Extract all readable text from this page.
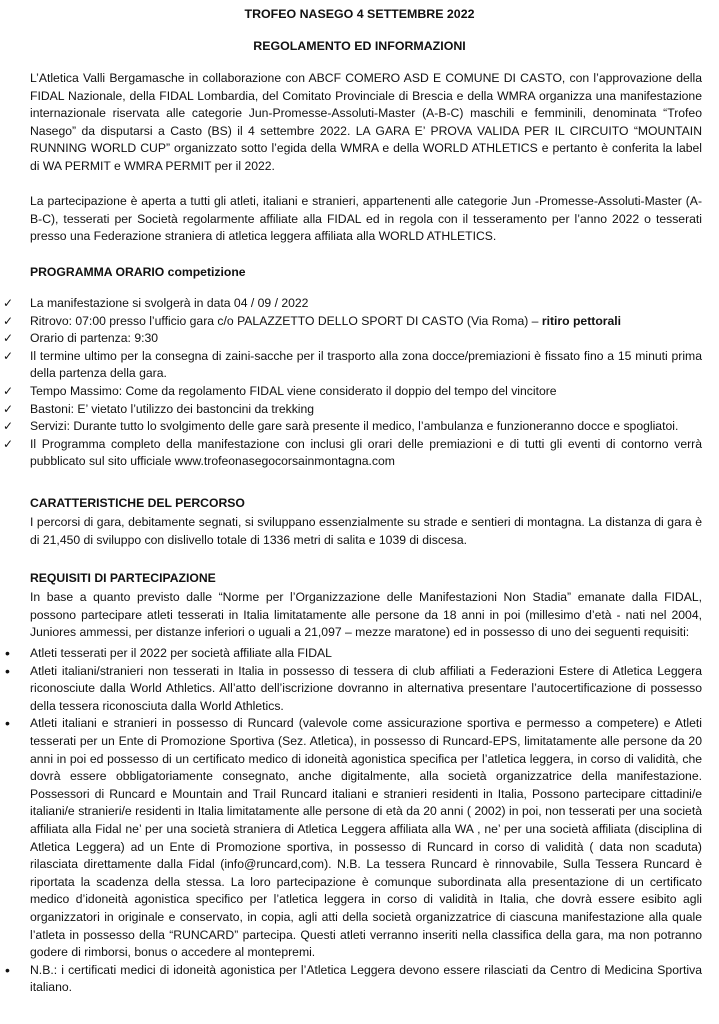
TROFEO NASEGO 4 SETTEMBRE 2022
REGOLAMENTO ED INFORMAZIONI
L’Atletica Valli Bergamasche in collaborazione con ABCF COMERO ASD E COMUNE DI CASTO, con l’approvazione della FIDAL Nazionale, della FIDAL Lombardia, del Comitato Provinciale di Brescia e della WMRA organizza una manifestazione internazionale riservata alle categorie Jun-Promesse-Assoluti-Master (A-B-C) maschili e femminili, denominata “Trofeo Nasego” da disputarsi a Casto (BS) il 4 settembre 2022. LA GARA E’ PROVA VALIDA PER IL CIRCUITO “MOUNTAIN RUNNING WORLD CUP” organizzato sotto l’egida della WMRA e della WORLD ATHLETICS e pertanto è conferita la label di WA PERMIT e WMRA PERMIT per il 2022.
La partecipazione è aperta a tutti gli atleti, italiani e stranieri, appartenenti alle categorie Jun -Promesse-Assoluti-Master (A-B-C), tesserati per Società regolarmente affiliate alla FIDAL ed in regola con il tesseramento per l’anno 2022 o tesserati presso una Federazione straniera di atletica leggera affiliata alla WORLD ATHLETICS.
PROGRAMMA ORARIO competizione
✓	La manifestazione si svolgerà in data 04 / 09 / 2022
✓	Ritrovo: 07:00 presso l’ufficio gara c/o PALAZZETTO DELLO SPORT DI CASTO (Via Roma) – ritiro pettorali
✓	Orario di partenza: 9:30
✓	Il termine ultimo per la consegna di zaini-sacche per il trasporto alla zona docce/premiazioni è fissato fino a 15 minuti prima della partenza della gara.
✓	Tempo Massimo: Come da regolamento FIDAL viene considerato il doppio del tempo del vincitore
✓	Bastoni: E’ vietato l’utilizzo dei bastoncini da trekking
✓	Servizi: Durante tutto lo svolgimento delle gare sarà presente il medico, l’ambulanza e funzioneranno docce e spogliatoi.
✓	Il Programma completo della manifestazione con inclusi gli orari delle premiazioni e di tutti gli eventi di contorno verrà pubblicato sul sito ufficiale www.trofeonasegocorsainmontagna.com
CARATTERISTICHE DEL PERCORSO
I percorsi di gara, debitamente segnati, si sviluppano essenzialmente su strade e sentieri di montagna. La distanza di gara è di 21,450 di sviluppo con dislivello totale di 1336 metri di salita e 1039 di discesa.
REQUISITI DI PARTECIPAZIONE
In base a quanto previsto dalle “Norme per l’Organizzazione delle Manifestazioni Non Stadia” emanate dalla FIDAL, possono partecipare atleti tesserati in Italia limitatamente alle persone da 18 anni in poi (millesimo d’età - nati nel 2004, Juniores ammessi, per distanze inferiori o uguali a 21,097 – mezze maratone) ed in possesso di uno dei seguenti requisiti:
•	Atleti tesserati per il 2022 per società affiliate alla FIDAL
•	Atleti italiani/stranieri non tesserati in Italia in possesso di tessera di club affiliati a Federazioni Estere di Atletica Leggera riconosciute dalla World Athletics. All’atto dell’iscrizione dovranno in alternativa presentare l’autocertificazione di possesso della tessera riconosciuta dalla World Athletics.
•	Atleti italiani e stranieri in possesso di Runcard (valevole come assicurazione sportiva e permesso a competere) e Atleti tesserati per un Ente di Promozione Sportiva (Sez. Atletica), in possesso di Runcard-EPS, limitatamente alle persone da 20 anni in poi ed possesso di un certificato medico di idoneità agonistica specifica per l’atletica leggera, in corso di validità, che dovrà essere obbligatoriamente consegnato, anche digitalmente, alla società organizzatrice della manifestazione. Possessori di Runcard e Mountain and Trail Runcard italiani e stranieri residenti in Italia, Possono partecipare cittadini/e italiani/e stranieri/e residenti in Italia limitatamente alle persone di età da 20 anni ( 2002) in poi, non tesserati per una società affiliata alla Fidal ne’ per una società straniera di Atletica Leggera affiliata alla WA , ne’ per una società affiliata (disciplina di Atletica Leggera) ad un Ente di Promozione sportiva, in possesso di Runcard in corso di validità ( data non scaduta) rilasciata direttamente dalla Fidal (info@runcard,com). N.B. La tessera Runcard è rinnovabile, Sulla Tessera Runcard è riportata la scadenza della stessa. La loro partecipazione è comunque subordinata alla presentazione di un certificato medico d’idoneità agonistica specifico per l’atletica leggera in corso di validità in Italia, che dovrà essere esibito agli organizzatori in originale e conservato, in copia, agli atti della società organizzatrice di ciascuna manifestazione alla quale l’atleta in possesso della “RUNCARD” partecipa. Questi atleti verranno inseriti nella classifica della gara, ma non potranno godere di rimborsi, bonus o accedere al montepremi.
•	N.B.: i certificati medici di idoneità agonistica per l’Atletica Leggera devono essere rilasciati da Centro di Medicina Sportiva italiano.
